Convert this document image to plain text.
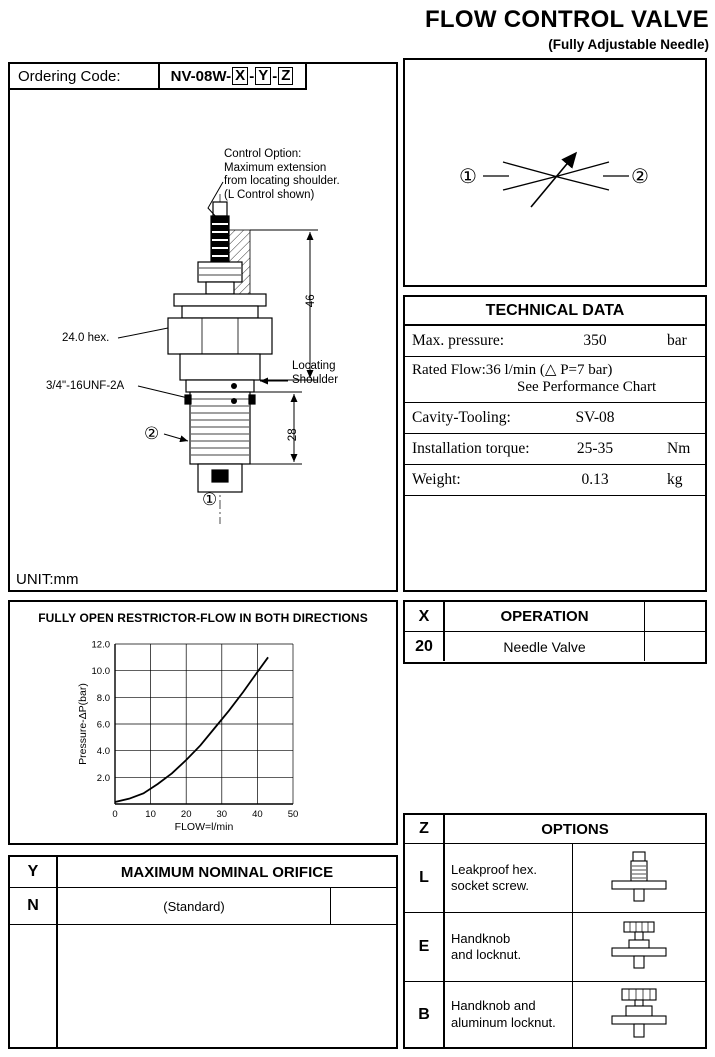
FLOW CONTROL VALVE
(Fully Adjustable Needle)
Ordering Code:	NV-08W- X - Y - Z
Control Option:
Maximum extension
from locating shoulder.
(L Control shown)
24.0 hex.
3/4"-16UNF-2A
Locating
Shoulder
46
28
②
①
UNIT:mm
①	②
TECHNICAL DATA
Max. pressure:	350	bar
Rated Flow:36 l/min (△ P=7 bar)
See Performance Chart
Cavity-Tooling:	SV-08
Installation torque:	25-35	Nm
Weight:	0.13	kg
FULLY OPEN RESTRICTOR-FLOW IN BOTH DIRECTIONS
Pressure-ΔP(bar)
FLOW=l/min
0	10	20	30	40	50
2.0
4.0
6.0
8.0
10.0
12.0
X	OPERATION
20	Needle Valve
Y	MAXIMUM NOMINAL ORIFICE
N	(Standard)
Z	OPTIONS
L	Leakproof hex.
socket screw.
E	Handknob
and locknut.
B	Handknob and
aluminum locknut.
